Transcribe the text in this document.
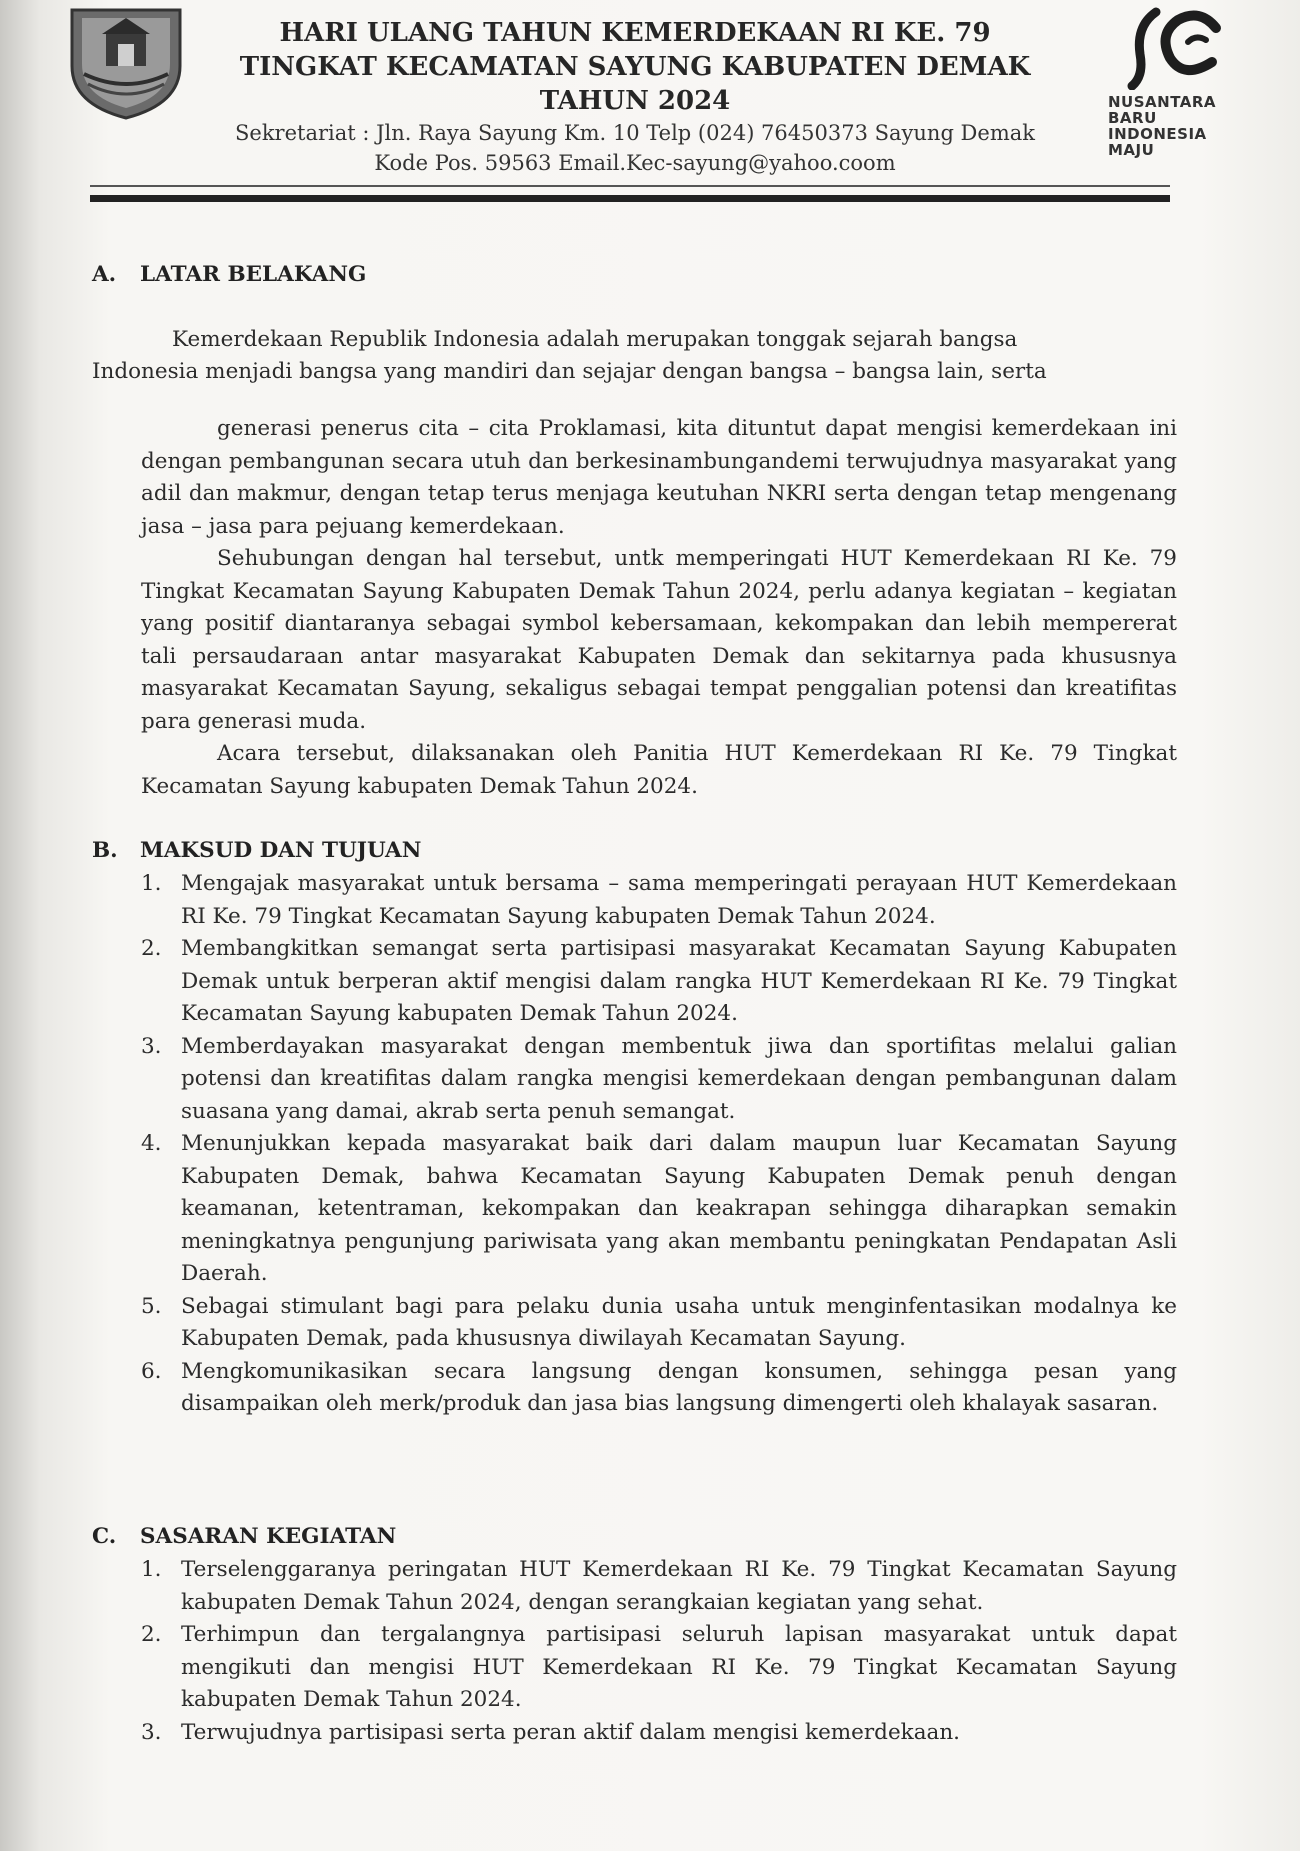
HARI ULANG TAHUN KEMERDEKAAN RI KE. 79
TINGKAT KECAMATAN SAYUNG KABUPATEN DEMAK
TAHUN 2024
Sekretariat : Jln. Raya Sayung Km. 10 Telp (024) 76450373 Sayung Demak
Kode Pos. 59563 Email.Kec-sayung@yahoo.coom
NUSANTARA
BARU
INDONESIA
MAJU
A. LATAR BELAKANG
Kemerdekaan Republik Indonesia adalah merupakan tonggak sejarah bangsa
Indonesia menjadi bangsa yang mandiri dan sejajar dengan bangsa – bangsa lain, serta
generasi penerus cita – cita Proklamasi, kita dituntut dapat mengisi kemerdekaan ini dengan pembangunan secara utuh dan berkesinambungandemi terwujudnya masyarakat yang adil dan makmur, dengan tetap terus menjaga keutuhan NKRI serta dengan tetap mengenang jasa – jasa para pejuang kemerdekaan.
Sehubungan dengan hal tersebut, untk memperingati HUT Kemerdekaan RI Ke. 79 Tingkat Kecamatan Sayung Kabupaten Demak Tahun 2024, perlu adanya kegiatan – kegiatan yang positif diantaranya sebagai symbol kebersamaan, kekompakan dan lebih mempererat tali persaudaraan antar masyarakat Kabupaten Demak dan sekitarnya pada khususnya masyarakat Kecamatan Sayung, sekaligus sebagai tempat penggalian potensi dan kreatifitas para generasi muda.
Acara tersebut, dilaksanakan oleh Panitia HUT Kemerdekaan RI Ke. 79 Tingkat Kecamatan Sayung kabupaten Demak Tahun 2024.
B. MAKSUD DAN TUJUAN
1. Mengajak masyarakat untuk bersama – sama memperingati perayaan HUT Kemerdekaan RI Ke. 79 Tingkat Kecamatan Sayung kabupaten Demak Tahun 2024.
2. Membangkitkan semangat serta partisipasi masyarakat Kecamatan Sayung Kabupaten Demak untuk berperan aktif mengisi dalam rangka HUT Kemerdekaan RI Ke. 79 Tingkat Kecamatan Sayung kabupaten Demak Tahun 2024.
3. Memberdayakan masyarakat dengan membentuk jiwa dan sportifitas melalui galian potensi dan kreatifitas dalam rangka mengisi kemerdekaan dengan pembangunan dalam suasana yang damai, akrab serta penuh semangat.
4. Menunjukkan kepada masyarakat baik dari dalam maupun luar Kecamatan Sayung Kabupaten Demak, bahwa Kecamatan Sayung Kabupaten Demak penuh dengan keamanan, ketentraman, kekompakan dan keakrapan sehingga diharapkan semakin meningkatnya pengunjung pariwisata yang akan membantu peningkatan Pendapatan Asli Daerah.
5. Sebagai stimulant bagi para pelaku dunia usaha untuk menginfentasikan modalnya ke Kabupaten Demak, pada khususnya diwilayah Kecamatan Sayung.
6. Mengkomunikasikan secara langsung dengan konsumen, sehingga pesan yang disampaikan oleh merk/produk dan jasa bias langsung dimengerti oleh khalayak sasaran.
C. SASARAN KEGIATAN
1. Terselenggaranya peringatan HUT Kemerdekaan RI Ke. 79 Tingkat Kecamatan Sayung kabupaten Demak Tahun 2024, dengan serangkaian kegiatan yang sehat.
2. Terhimpun dan tergalangnya partisipasi seluruh lapisan masyarakat untuk dapat mengikuti dan mengisi HUT Kemerdekaan RI Ke. 79 Tingkat Kecamatan Sayung kabupaten Demak Tahun 2024.
3. Terwujudnya partisipasi serta peran aktif dalam mengisi kemerdekaan.
